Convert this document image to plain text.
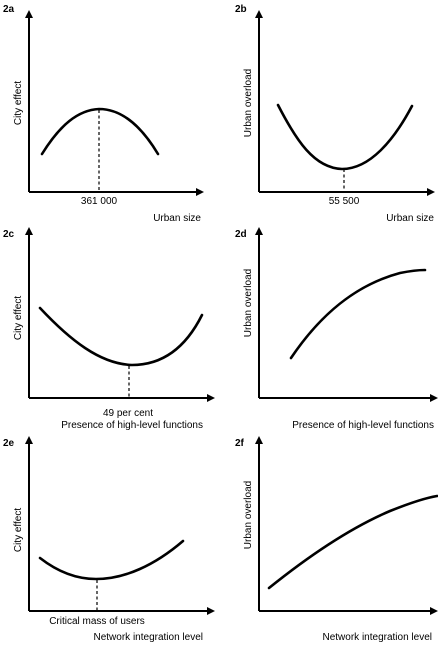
2a
City effect
361 000
Urban size
2b
Urban overload
55 500
Urban size
2c
City effect
49 per cent
Presence of high-level functions
2d
Urban overload
Presence of high-level functions
2e
City effect
Critical mass of users
Network integration level
2f
Urban overload
Network integration level
